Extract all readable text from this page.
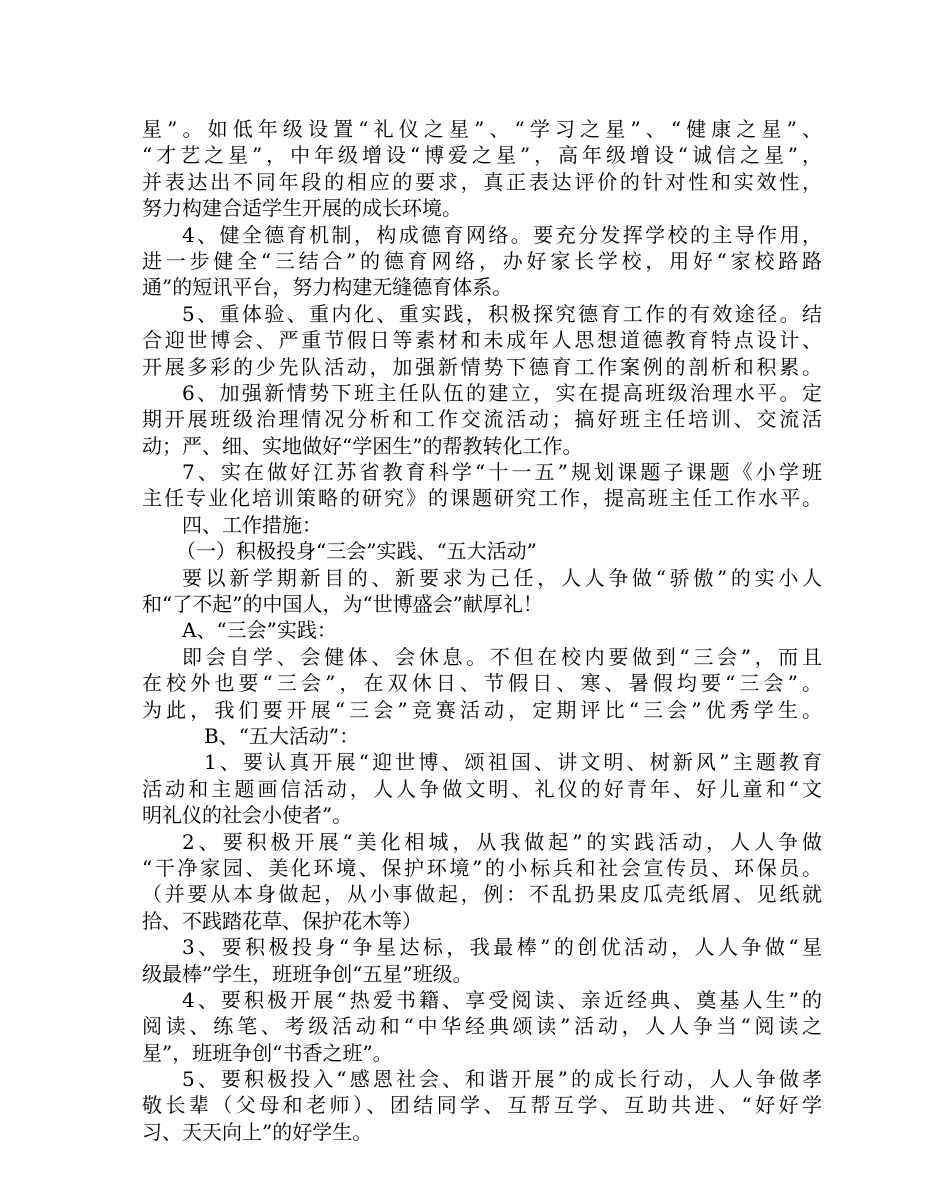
星”。如低年级设置“礼仪之星”、“学习之星”、“健康之星”、
“才艺之星”，中年级增设“博爱之星”，高年级增设“诚信之星”，
并表达出不同年段的相应的要求，真正表达评价的针对性和实效性，
努力构建合适学生开展的成长环境。
4、健全德育机制，构成德育网络。要充分发挥学校的主导作用，
进一步健全“三结合”的德育网络，办好家长学校，用好“家校路路
通”的短讯平台，努力构建无缝德育体系。
5、重体验、重内化、重实践，积极探究德育工作的有效途径。结
合迎世博会、严重节假日等素材和未成年人思想道德教育特点设计、
开展多彩的少先队活动，加强新情势下德育工作案例的剖析和积累。
6、加强新情势下班主任队伍的建立，实在提高班级治理水平。定
期开展班级治理情况分析和工作交流活动；搞好班主任培训、交流活
动；严、细、实地做好“学困生”的帮教转化工作。
7、实在做好江苏省教育科学“十一五”规划课题子课题《小学班
主任专业化培训策略的研究》的课题研究工作，提高班主任工作水平。
四、工作措施：
（一）积极投身“三会”实践、“五大活动”
要以新学期新目的、新要求为己任，人人争做“骄傲”的实小人
和“了不起”的中国人，为“世博盛会”献厚礼！
A、“三会”实践：
即会自学、会健体、会休息。不但在校内要做到“三会”，而且
在校外也要“三会”，在双休日、节假日、寒、暑假均要“三会”。
为此，我们要开展“三会”竞赛活动，定期评比“三会”优秀学生。
B、“五大活动”：
1、要认真开展“迎世博、颂祖国、讲文明、树新风”主题教育
活动和主题画信活动，人人争做文明、礼仪的好青年、好儿童和“文
明礼仪的社会小使者”。
2、要积极开展“美化相城，从我做起”的实践活动，人人争做
“干净家园、美化环境、保护环境”的小标兵和社会宣传员、环保员。
（并要从本身做起，从小事做起，例：不乱扔果皮瓜壳纸屑、见纸就
拾、不践踏花草、保护花木等）
3、要积极投身“争星达标，我最棒”的创优活动，人人争做“星
级最棒”学生，班班争创“五星”班级。
4、要积极开展“热爱书籍、享受阅读、亲近经典、奠基人生”的
阅读、练笔、考级活动和“中华经典颂读”活动，人人争当“阅读之
星”，班班争创“书香之班”。
5、要积极投入“感恩社会、和谐开展”的成长行动，人人争做孝
敬长辈（父母和老师）、团结同学、互帮互学、互助共进、“好好学
习、天天向上”的好学生。
